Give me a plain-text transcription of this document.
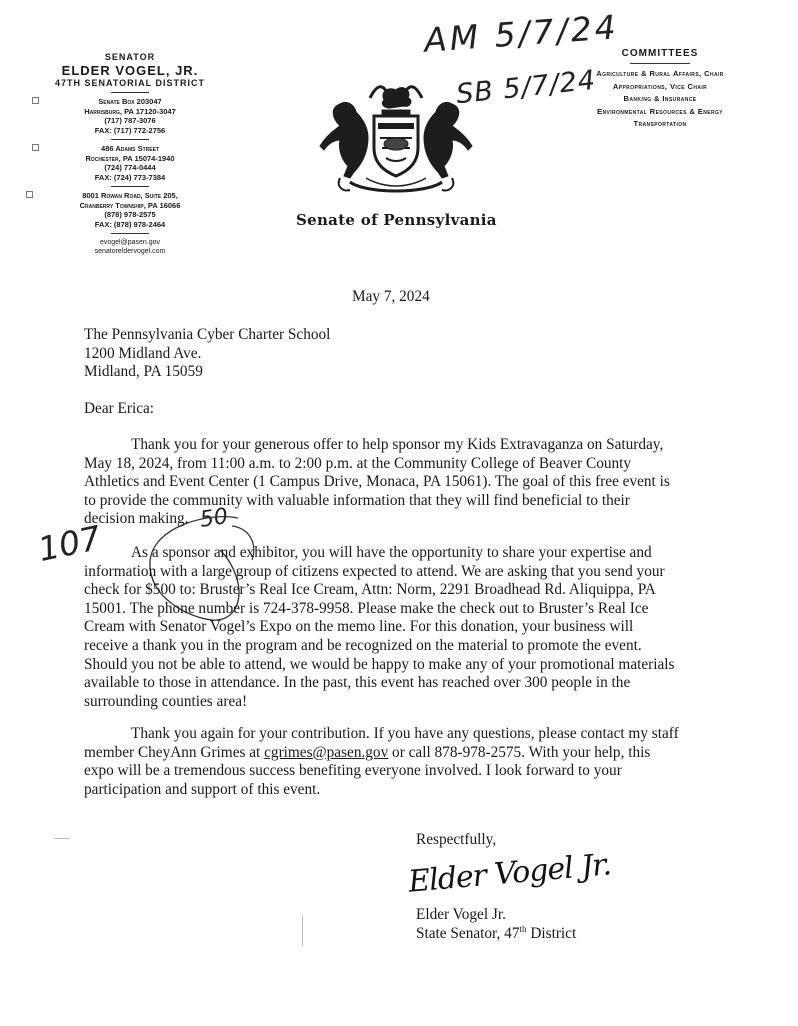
SENATOR
ELDER VOGEL, JR.
47TH SENATORIAL DISTRICT
Senate Box 203047
Harrisburg, PA 17120-3047
(717) 787-3076
FAX: (717) 772-2756
486 Adams Street
Rochester, PA 15074-1940
(724) 774-0444
FAX: (724) 773-7384
8001 Rowan Road, Suite 205,
Cranberry Township, PA 16066
(878) 978-2575
FAX: (878) 978-2464
evogel@pasen.gov
senatoreldervogel.com
COMMITTEES
Agriculture & Rural Affairs, Chair
Appropriations, Vice Chair
Banking & Insurance
Environmental Resources & Energy
Transportation
Senate of Pennsylvania
AM 5/7/24
SB 5/7/24
107	50
May 7, 2024
The Pennsylvania Cyber Charter School
1200 Midland Ave.
Midland, PA 15059
Dear Erica:
Thank you for your generous offer to help sponsor my Kids Extravaganza on Saturday,
May 18, 2024, from 11:00 a.m. to 2:00 p.m. at the Community College of Beaver County
Athletics and Event Center (1 Campus Drive, Monaca, PA 15061). The goal of this free event is
to provide the community with valuable information that they will find beneficial to their
decision making.
As a sponsor and exhibitor, you will have the opportunity to share your expertise and
information with a large group of citizens expected to attend. We are asking that you send your
check for $500 to: Bruster’s Real Ice Cream, Attn: Norm, 2291 Broadhead Rd. Aliquippa, PA
15001. The phone number is 724-378-9958. Please make the check out to Bruster’s Real Ice
Cream with Senator Vogel’s Expo on the memo line. For this donation, your business will
receive a thank you in the program and be recognized on the material to promote the event.
Should you not be able to attend, we would be happy to make any of your promotional materials
available to those in attendance. In the past, this event has reached over 300 people in the
surrounding counties area!
Thank you again for your contribution. If you have any questions, please contact my staff
member CheyAnn Grimes at cgrimes@pasen.gov or call 878-978-2575. With your help, this
expo will be a tremendous success benefiting everyone involved. I look forward to your
participation and support of this event.
Respectfully,
Elder Vogel Jr.
Elder Vogel Jr.
State Senator, 47th District
